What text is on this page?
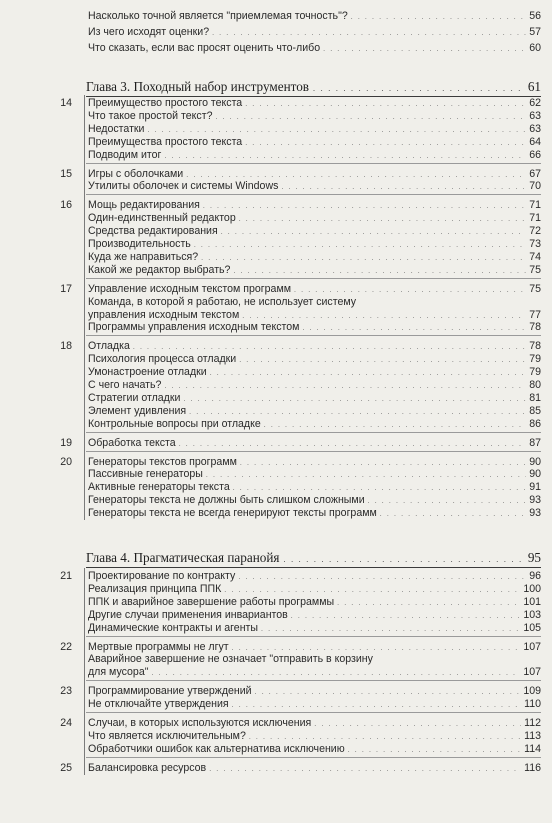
Насколько точной является "приемлемая точность"? . . .	56
Из чего исходят оценки? . . .	57
Что сказать, если вас просят оценить что-либо . . .	60
Глава 3. Походный набор инструментов . . .	61
14 Преимущество простого текста . . .	62
Что такое простой текст? . . .	63
Недостатки . . .	63
Преимущества простого текста . . .	64
Подводим итог . . .	66
15 Игры с оболочками . . .	67
Утилиты оболочек и системы Windows . . .	70
16 Мощь редактирования . . .	71
Один-единственный редактор . . .	71
Средства редактирования . . .	72
Производительность . . .	73
Куда же направиться? . . .	74
Какой же редактор выбрать? . . .	75
17 Управление исходным текстом программ . . .	75
Команда, в которой я работаю, не использует систему
управления исходным текстом . . .	77
Программы управления исходным текстом . . .	78
18 Отладка . . .	78
Психология процесса отладки . . .	79
Умонастроение отладки . . .	79
С чего начать? . . .	80
Стратегии отладки . . .	81
Элемент удивления . . .	85
Контрольные вопросы при отладке . . .	86
19 Обработка текста . . .	87
20 Генераторы текстов программ . . .	90
Пассивные генераторы . . .	90
Активные генераторы текста . . .	91
Генераторы текста не должны быть слишком сложными . . .	93
Генераторы текста не всегда генерируют тексты программ . . .	93
Глава 4. Прагматическая паранойя . . .	95
21 Проектирование по контракту . . .	96
Реализация принципа ППК . . .	100
ППК и аварийное завершение работы программы . . .	101
Другие случаи применения инвариантов . . .	103
Динамические контракты и агенты . . .	105
22 Мертвые программы не лгут . . .	107
Аварийное завершение не означает "отправить в корзину
для мусора" . . .	107
23 Программирование утверждений . . .	109
Не отключайте утверждения . . .	110
24 Случаи, в которых используются исключения . . .	112
Что является исключительным? . . .	113
Обработчики ошибок как альтернатива исключению . . .	114
25 Балансировка ресурсов . . .	116
